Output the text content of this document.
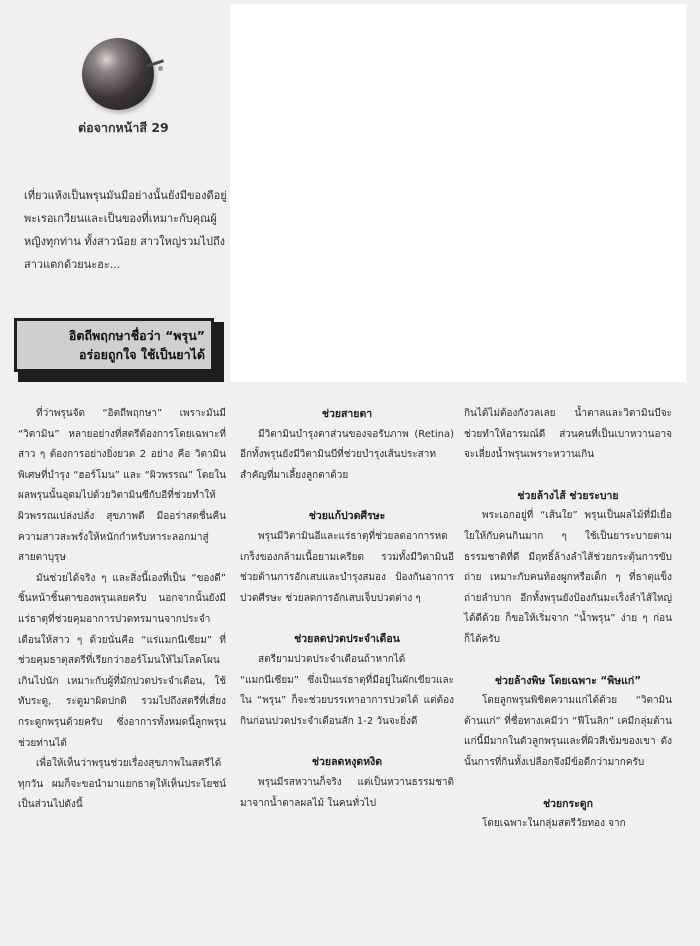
ต่อจากหน้าสี 29

เที่ยวแห้งเป็นพรุนมันมีอย่างนั้นยังมีของดีอยู่พะเรอเกวียนและเป็นของที่เหมาะกับคุณผู้หญิงทุกท่าน ทั้งสาวน้อย สาวใหญ่รวมไปถึงสาวแตกด้วยนะฮะ...

อิตถีพฤกษาชื่อว่า “พรุน”
อร่อยถูกใจ ใช้เป็นยาได้

ที่ว่าพรุนจัด “อิตถีพฤกษา” เพราะมันมี “วิตามิน” หลายอย่างที่สตรีต้องการโดยเฉพาะที่สาว ๆ ต้องการอย่างยิ่งยวด 2 อย่าง คือ วิตามินพิเศษที่บำรุง “ฮอร์โมน” และ “ผิวพรรณ” โดยในผลพรุนนั้นอุดมไปด้วยวิตามินซีกับอีที่ช่วยทำให้ผิวพรรณเปล่งปลั่ง สุขภาพดี มีออร่าสดชื่นคืนความสาวสะพรั่งให้หนักกำหรับหาระลอกมาสู่สายตาบุรุษ

มันช่วยได้จริง ๆ และสิ่งนี้เองที่เป็น “ของดี” ชิ้นหน้าชิ้นตาของพรุนเลยครับ นอกจากนั้นยังมีแร่ธาตุที่ช่วยคุมอาการปวดทรมานจากประจำเดือนให้สาว ๆ ด้วยนั่นคือ “แร่แมกนีเซียม” ที่ช่วยคุมธาตุสตรีที่เรียกว่าฮอร์โมนให้ไม่โลดโผนเกินไปนัก เหมาะกับผู้ที่มักปวดประจำเดือน, ใช้ทับระดู, ระดูมาผิดปกติ รวมไปถึงสตรีที่เสี่ยงกระดูกพรุนด้วยครับ ซึ่งอาการทั้งหมดนี้ลูกพรุนช่วยท่านได้

เพื่อให้เห็นว่าพรุนช่วยเรื่องสุขภาพในสตรีได้ทุกวัน ผมก็จะขอนำมาแยกธาตุให้เห็นประโยชน์เป็นส่วนไปดังนี้

ช่วยสายตา

มีวิตามินบำรุงตาส่วนของจอรับภาพ (Retina) อีกทั้งพรุนยังมีวิตามินบีที่ช่วยบำรุงเส้นประสาทสำคัญที่มาเลี้ยงลูกตาด้วย

ช่วยแก้ปวดศีรษะ

พรุนมีวิตามินอีและแร่ธาตุที่ช่วยลดอาการหดเกร็งของกล้ามเนื้อยามเครียด รวมทั้งมีวิตามินอีช่วยต้านการอักเสบและบำรุงสมอง ป้องกันอาการปวดศีรษะ ช่วยลดการอักเสบเจ็บปวดต่าง ๆ

ช่วยลดปวดประจำเดือน

สตรียามปวดประจำเดือนถ้าหากได้ “แมกนีเซียม” ซึ่งเป็นแร่ธาตุที่มีอยู่ในผักเขียวและใน “พรุน” ก็จะช่วยบรรเทาอาการปวดได้ แต่ต้องกินก่อนปวดประจำเดือนสัก 1-2 วันจะยิ่งดี

ช่วยลดหงุดหงิด

พรุนมีรสหวานก็จริง แต่เป็นหวานธรรมชาติ มาจากน้ำตาลผลไม้ ในคนทั่วไป

กินได้ไม่ต้องกังวลเลย น้ำตาลและวิตามินบีจะช่วยทำให้อารมณ์ดี ส่วนคนที่เป็นเบาหวานอาจจะเลี่ยงน้ำพรุนเพราะหวานเกิน

ช่วยล้างไส้ ช่วยระบาย

พระเอกอยู่ที่ “เส้นใย” พรุนเป็นผลไม้ที่มีเยื่อใยให้กับคนกินมาก ๆ ใช้เป็นยาระบายตามธรรมชาติที่ดี มีฤทธิ์ล้างลำไส้ช่วยกระตุ้นการขับถ่าย เหมาะกับคนท้องผูกหรือเด็ก ๆ ที่ธาตุแข็งถ่ายลำบาก อีกทั้งพรุนยังป้องกันมะเร็งลำไส้ใหญ่ได้ดีด้วย ก็ขอให้เริ่มจาก “น้ำพรุน” ง่าย ๆ ก่อนก็ได้ครับ

ช่วยล้างพิษ โดยเฉพาะ “พิษแก่”

โดยลูกพรุนพิชิตความแก่ได้ด้วย “วิตามินต้านแก่” ที่ชื่อทางเคมีว่า “ฟีโนลิก” เคมีกลุ่มต้านแก่นี้มีมากในตัวลูกพรุนและที่ผิวสีเข้มของเขา ดังนั้นการที่กินทั้งเปลือกจึงมีข้อดีกว่ามากครับ

ช่วยกระดูก

โดยเฉพาะในกลุ่มสตรีวัยทอง จาก
